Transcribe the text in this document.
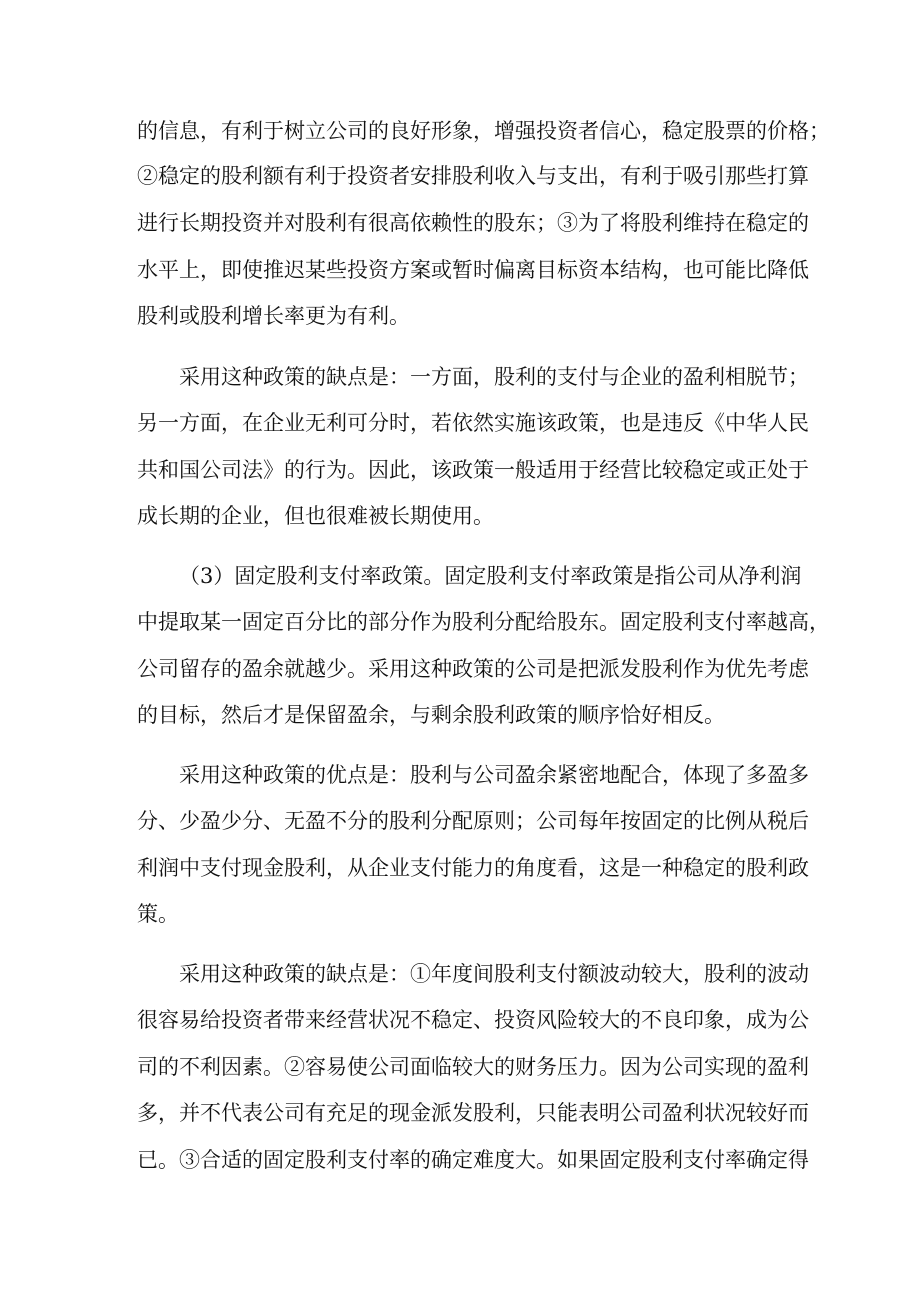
的信息，有利于树立公司的良好形象，增强投资者信心，稳定股票的价格；
②稳定的股利额有利于投资者安排股利收入与支出，有利于吸引那些打算
进行长期投资并对股利有很高依赖性的股东；③为了将股利维持在稳定的
水平上，即使推迟某些投资方案或暂时偏离目标资本结构，也可能比降低
股利或股利增长率更为有利。
采用这种政策的缺点是：一方面，股利的支付与企业的盈利相脱节；
另一方面，在企业无利可分时，若依然实施该政策，也是违反《中华人民
共和国公司法》的行为。因此，该政策一般适用于经营比较稳定或正处于
成长期的企业，但也很难被长期使用。
（3）固定股利支付率政策。固定股利支付率政策是指公司从净利润
中提取某一固定百分比的部分作为股利分配给股东。固定股利支付率越高，
公司留存的盈余就越少。采用这种政策的公司是把派发股利作为优先考虑
的目标，然后才是保留盈余，与剩余股利政策的顺序恰好相反。
采用这种政策的优点是：股利与公司盈余紧密地配合，体现了多盈多
分、少盈少分、无盈不分的股利分配原则；公司每年按固定的比例从税后
利润中支付现金股利，从企业支付能力的角度看，这是一种稳定的股利政
策。
采用这种政策的缺点是：①年度间股利支付额波动较大，股利的波动
很容易给投资者带来经营状况不稳定、投资风险较大的不良印象，成为公
司的不利因素。②容易使公司面临较大的财务压力。因为公司实现的盈利
多，并不代表公司有充足的现金派发股利，只能表明公司盈利状况较好而
已。③合适的固定股利支付率的确定难度大。如果固定股利支付率确定得
